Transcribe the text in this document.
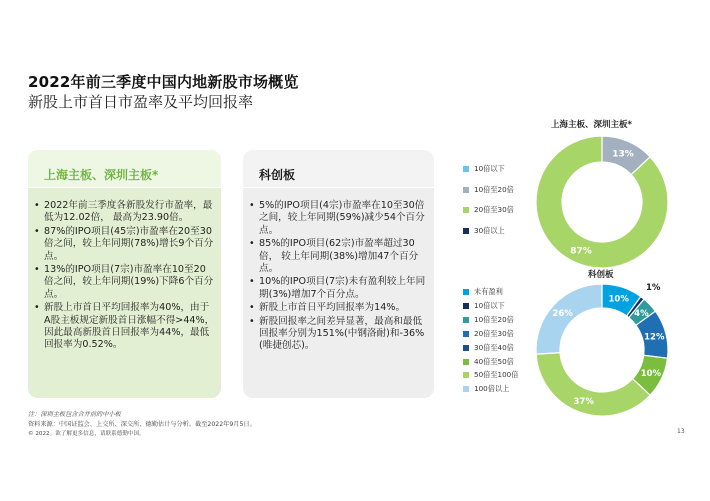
2022年前三季度中国内地新股市场概览
新股上市首日市盈率及平均回报率
上海主板、深圳主板*
• 2022年前三季度各新股发行市盈率，最低为12.02倍， 最高为23.90倍。
• 87%的IPO项目(45宗)市盈率在20至30倍之间，较上年同期(78%)增长9个百分点。
• 13%的IPO项目(7宗)市盈率在10至20倍之间，较上年同期(19%)下降6个百分点。
• 新股上市首日平均回报率为40%，由于A股主板规定新股首日涨幅不得>44%，因此最高新股首日回报率为44%，最低回报率为0.52%。
科创板
• 5%的IPO项目(4宗)市盈率在10至30倍之间，较上年同期(59%)减少54个百分点。
• 85%的IPO项目(62宗)市盈率超过30倍， 较上年同期(38%)增加47个百分点。
• 10%的IPO项目(7宗)未有盈利较上年同期(3%)增加7个百分点。
• 新股上市首日平均回报率为14%。
• 新股回报率之间差异显著，最高和最低回报率分别为151%(中钢洛耐)和-36% (唯捷创芯)。
上海主板、深圳主板*
10倍以下
10倍至20倍
20倍至30倍
30倍以上
13%
87%
科创板
未有盈利
10倍以下
10倍至20倍
20倍至30倍
30倍至40倍
40倍至50倍
50倍至100倍
100倍以上
10%
1%
4%
12%
10%
37%
26%
注：深圳主板包含合并前的中小板
资料来源：中国证监会、上交所、深交所、德勤估计与分析。截至2022年9月5日。
© 2022。欲了解更多信息，请联系德勤中国。	13
